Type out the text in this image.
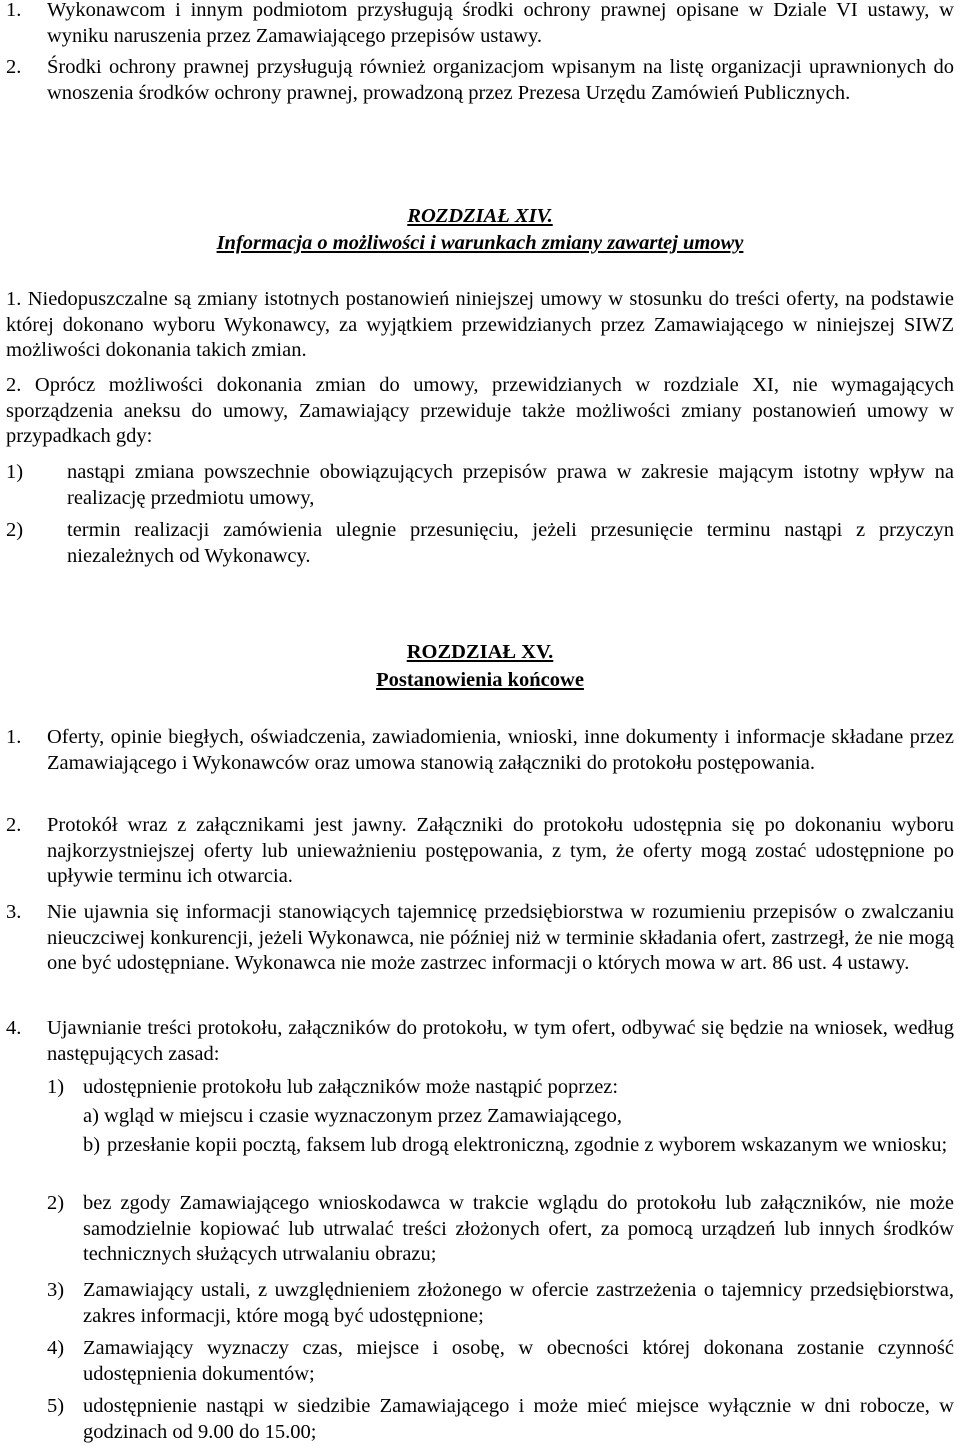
1. Wykonawcom i innym podmiotom przysługują środki ochrony prawnej opisane w Dziale VI ustawy, w wyniku naruszenia przez Zamawiającego przepisów ustawy.
2. Środki ochrony prawnej przysługują również organizacjom wpisanym na listę organizacji uprawnionych do wnoszenia środków ochrony prawnej, prowadzoną przez Prezesa Urzędu Zamówień Publicznych.
ROZDZIAŁ XIV.
Informacja o możliwości i warunkach zmiany zawartej umowy
1. Niedopuszczalne są zmiany istotnych postanowień niniejszej umowy w stosunku do treści oferty, na podstawie której dokonano wyboru Wykonawcy, za wyjątkiem przewidzianych przez Zamawiającego w niniejszej SIWZ możliwości dokonania takich zmian.
2. Oprócz możliwości dokonania zmian do umowy, przewidzianych w rozdziale XI, nie wymagających sporządzenia aneksu do umowy, Zamawiający przewiduje także możliwości zmiany postanowień umowy w przypadkach gdy:
1) nastąpi zmiana powszechnie obowiązujących przepisów prawa w zakresie mającym istotny wpływ na realizację przedmiotu umowy,
2) termin realizacji zamówienia ulegnie przesunięciu, jeżeli przesunięcie terminu nastąpi z przyczyn niezależnych od Wykonawcy.
ROZDZIAŁ XV.
Postanowienia końcowe
1. Oferty, opinie biegłych, oświadczenia, zawiadomienia, wnioski, inne dokumenty i informacje składane przez Zamawiającego i Wykonawców oraz umowa stanowią załączniki do protokołu postępowania.
2. Protokół wraz z załącznikami jest jawny. Załączniki do protokołu udostępnia się po dokonaniu wyboru najkorzystniejszej oferty lub unieważnieniu postępowania, z tym, że oferty mogą zostać udostępnione po upływie terminu ich otwarcia.
3. Nie ujawnia się informacji stanowiących tajemnicę przedsiębiorstwa w rozumieniu przepisów o zwalczaniu nieuczciwej konkurencji, jeżeli Wykonawca, nie później niż w terminie składania ofert, zastrzegł, że nie mogą one być udostępniane. Wykonawca nie może zastrzec informacji o których mowa w art. 86 ust. 4 ustawy.
4. Ujawnianie treści protokołu, załączników do protokołu, w tym ofert, odbywać się będzie na wniosek, według następujących zasad:
1) udostępnienie protokołu lub załączników może nastąpić poprzez:
a) wgląd w miejscu i czasie wyznaczonym przez Zamawiającego,
b) przesłanie kopii pocztą, faksem lub drogą elektroniczną, zgodnie z wyborem wskazanym we wniosku;
2) bez zgody Zamawiającego wnioskodawca w trakcie wglądu do protokołu lub załączników, nie może samodzielnie kopiować lub utrwalać treści złożonych ofert, za pomocą urządzeń lub innych środków technicznych służących utrwalaniu obrazu;
3) Zamawiający ustali, z uwzględnieniem złożonego w ofercie zastrzeżenia o tajemnicy przedsiębiorstwa, zakres informacji, które mogą być udostępnione;
4) Zamawiający wyznaczy czas, miejsce i osobę, w obecności której dokonana zostanie czynność udostępnienia dokumentów;
5) udostępnienie nastąpi w siedzibie Zamawiającego i może mieć miejsce wyłącznie w dni robocze, w godzinach od 9.00 do 15.00;
